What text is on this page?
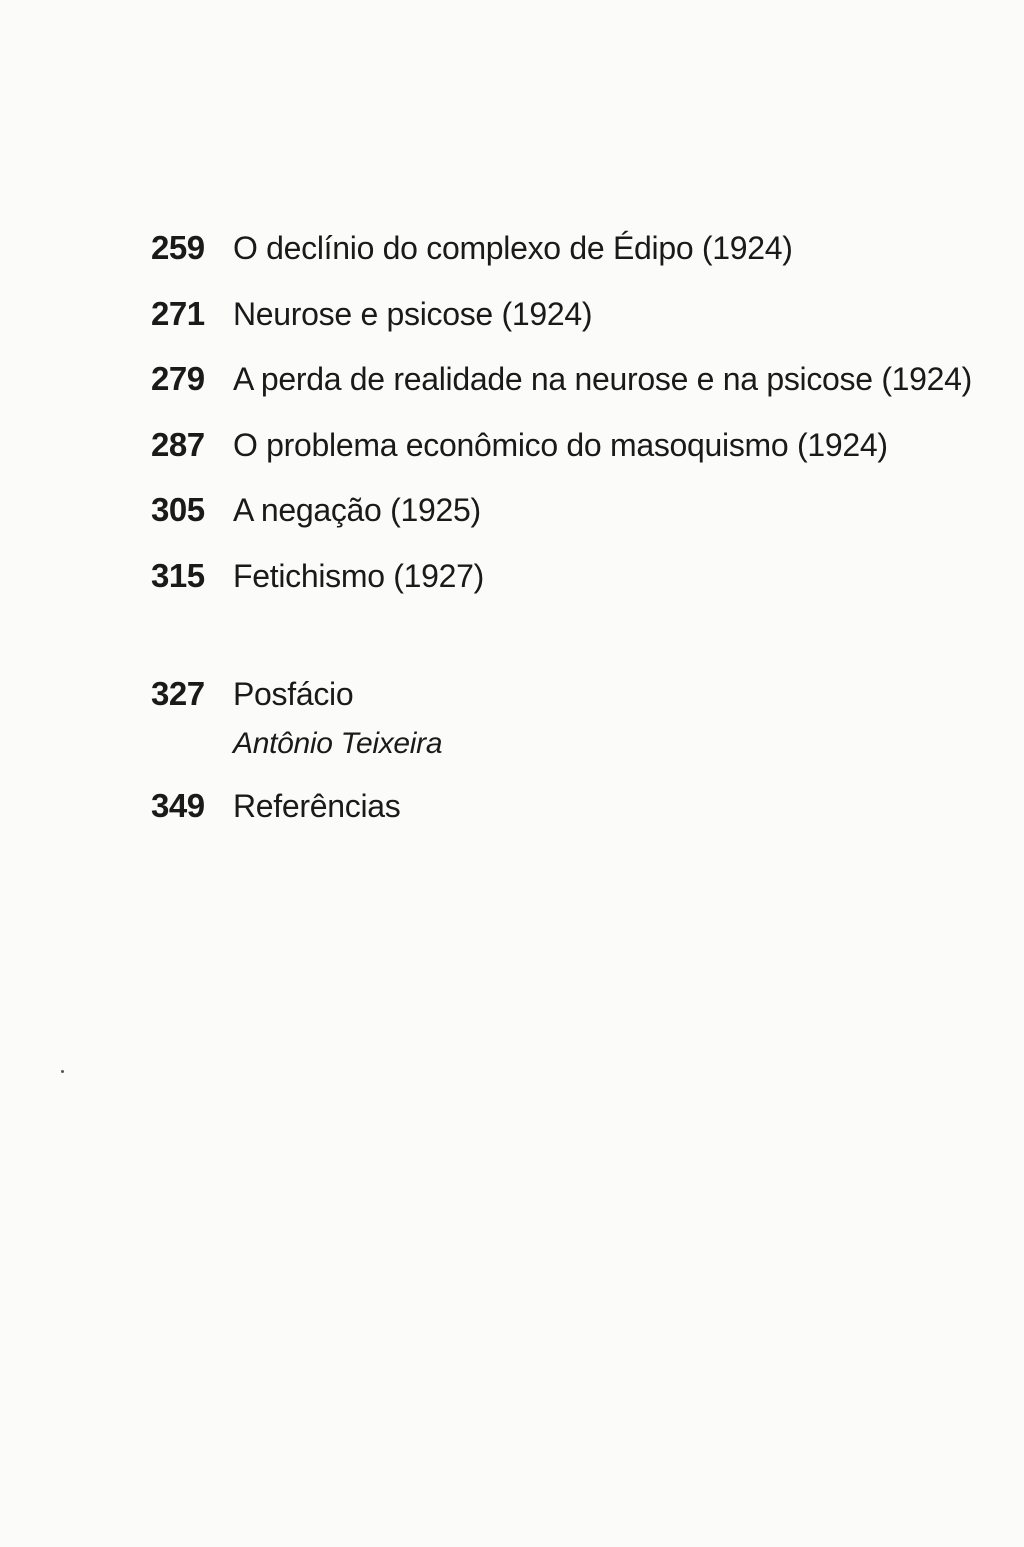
259 O declínio do complexo de Édipo (1924)
271 Neurose e psicose (1924)
279 A perda de realidade na neurose e na psicose (1924)
287 O problema econômico do masoquismo (1924)
305 A negação (1925)
315 Fetichismo (1927)
327 Posfácio
Antônio Teixeira
349 Referências
